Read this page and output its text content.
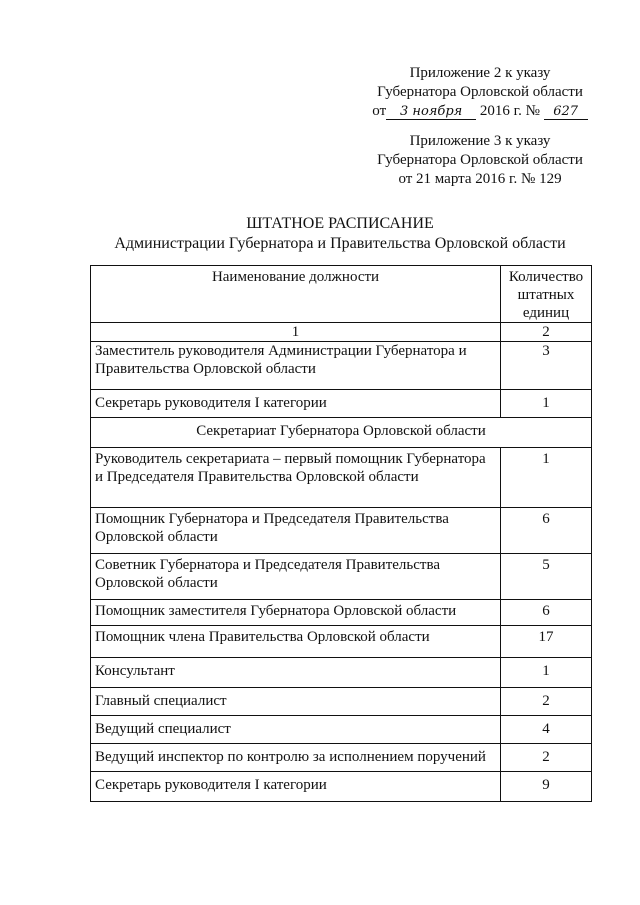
Приложение 2 к указу
Губернатора Орловской области
от 3 ноября 2016 г. № 627
Приложение 3 к указу
Губернатора Орловской области
от 21 марта 2016 г. № 129
ШТАТНОЕ РАСПИСАНИЕ
Администрации Губернатора и Правительства Орловской области
Наименование должности	Количество штатных единиц
1	2
Заместитель руководителя Администрации Губернатора и Правительства Орловской области	3
Секретарь руководителя I категории	1
Секретариат Губернатора Орловской области	
Руководитель секретариата – первый помощник Губернатора и Председателя Правительства Орловской области	1
Помощник Губернатора и Председателя Правительства Орловской области	6
Советник Губернатора и Председателя Правительства Орловской области	5
Помощник заместителя Губернатора Орловской области	6
Помощник члена Правительства Орловской области	17
Консультант	1
Главный специалист	2
Ведущий специалист	4
Ведущий инспектор по контролю за исполнением поручений	2
Секретарь руководителя I категории	9
